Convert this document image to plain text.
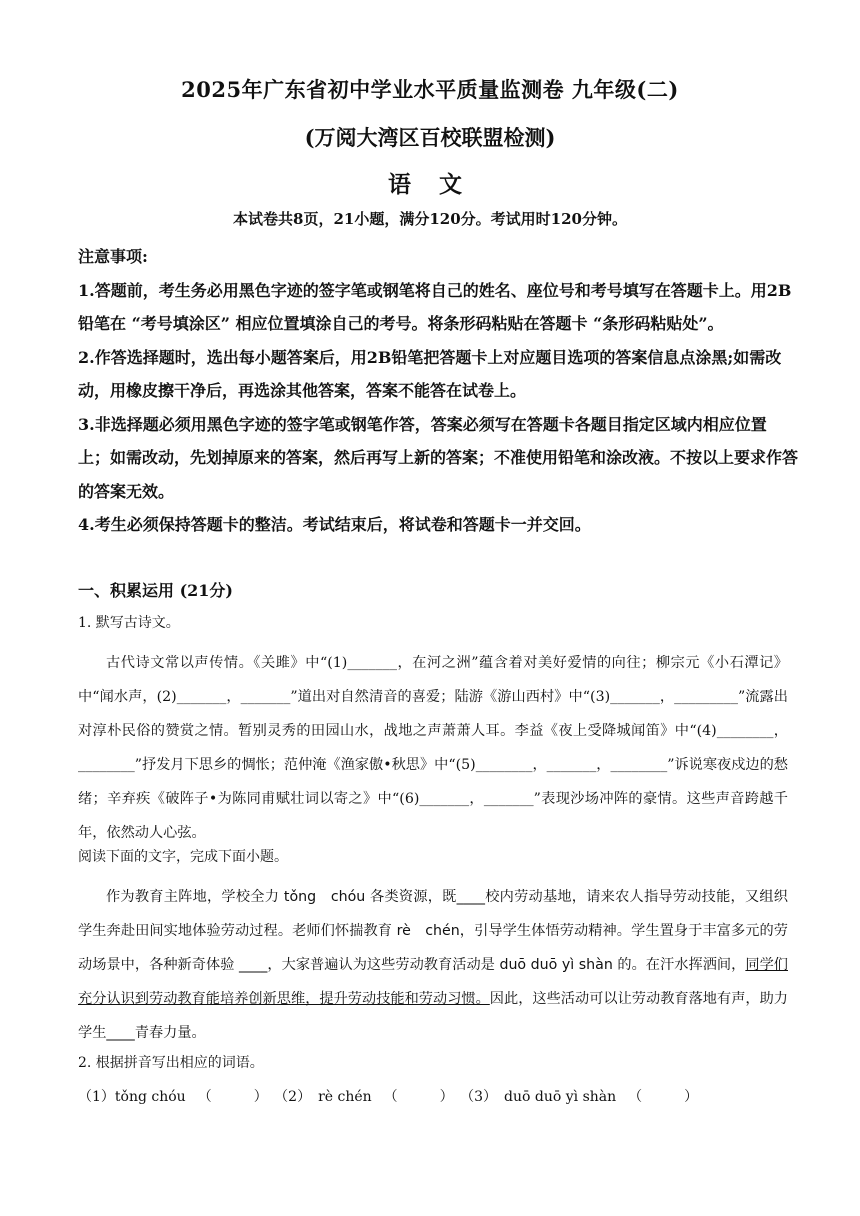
2025年广东省初中学业水平质量监测卷 九年级(二)
(万阅大湾区百校联盟检测)
语 文
本试卷共8页，21小题，满分120分。考试用时120分钟。

注意事项:

1.答题前，考生务必用黑色字迹的签字笔或钢笔将自己的姓名、座位号和考号填写在答题卡上。用2B铅笔在 “考号填涂区” 相应位置填涂自己的考号。将条形码粘贴在答题卡 “条形码粘贴处”。

2.作答选择题时，选出每小题答案后，用2B铅笔把答题卡上对应题目选项的答案信息点涂黑;如需改动，用橡皮擦干净后，再选涂其他答案，答案不能答在试卷上。

3.非选择题必须用黑色字迹的签字笔或钢笔作答，答案必须写在答题卡各题目指定区域内相应位置上；如需改动，先划掉原来的答案，然后再写上新的答案；不准使用铅笔和涂改液。不按以上要求作答的答案无效。

4.考生必须保持答题卡的整洁。考试结束后，将试卷和答题卡一并交回。

一、积累运用 (21分)
1. 默写古诗文。
古代诗文常以声传情。《关雎》中“(1)_______，在河之洲”蕴含着对美好爱情的向往；柳宗元《小石潭记》中“闻水声，(2)_______，_______”道出对自然清音的喜爱；陆游《游山西村》中“(3)_______，_________”流露出对淳朴民俗的赞赏之情。暂别灵秀的田园山水，战地之声萧萧人耳。李益《夜上受降城闻笛》中“(4)________，________”抒发月下思乡的惆怅；范仲淹《渔家傲•秋思》中“(5)________，_______，________”诉说寒夜戍边的愁绪；辛弃疾《破阵子•为陈同甫赋壮词以寄之》中“(6)_______，_______”表现沙场冲阵的豪情。这些声音跨越千年，依然动人心弦。
阅读下面的文字，完成下面小题。
作为教育主阵地，学校全力 tǒng　chóu 各类资源，既____校内劳动基地，请来农人指导劳动技能，又组织学生奔赴田间实地体验劳动过程。老师们怀揣教育 rè　chén，引导学生体悟劳动精神。学生置身于丰富多元的劳动场景中，各种新奇体验 ____，大家普遍认为这些劳动教育活动是 duō duō yì shàn 的。在汗水挥洒间，同学们充分认识到劳动教育能培养创新思维，提升劳动技能和劳动习惯。因此，这些活动可以让劳动教育落地有声，助力学生____青春力量。
2. 根据拼音写出相应的词语。
（1）tǒng chóu （　　　） （2）　rè chén （　　　） （3）　duō duō yì shàn （　　　）
